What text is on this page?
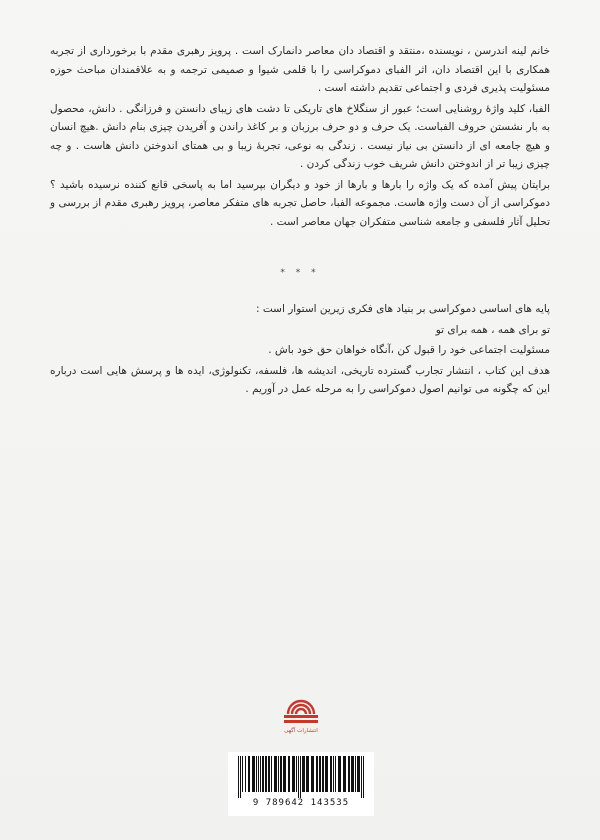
خانم لینه اندرسن ، نویسنده ،منتقد و اقتصاد دان معاصر دانمارک است . پرویز رهبری مقدم با برخورداری از تجربه همکاری با این اقتصاد دان، اثر الفبای دموکراسی را با قلمی شیوا و صمیمی ترجمه و به علاقمندان مباحث حوزه مسئولیت پذیری فردی و اجتماعی تقدیم داشته است .

الفبا، کلید واژهٔ روشنایی است؛ عبور از سنگلاخ های تاریکی تا دشت های زیبای دانستن و فرزانگی . دانش، محصول به بار نشستن حروف الفباست. یک حرف و دو حرف برزبان و بر کاغذ راندن و آفریدن چیزی بنام دانش .هیچ انسان و هیچ جامعه ای از دانستن بی نیاز نیست . زندگی به نوعی، تجربهٔ زیبا و بی همتای اندوختن دانش هاست . و چه چیزی زیبا تر از اندوختن دانش شریف خوب زندگی کردن .

برایتان پیش آمده که یک واژه را بارها و بارها از خود و دیگران بپرسید اما به پاسخی قانع کننده نرسیده باشید ؟ دموکراسی از آن دست واژه هاست. مجموعه الفبا، حاصل تجربه های متفکر معاصر، پرویز رهبری مقدم از بررسی و تحلیل آثار فلسفی و جامعه شناسی متفکران جهان معاصر است .

* * *

پایه های اساسی دموکراسی بر بنیاد های فکری زیرین استوار است :

تو برای همه ، همه برای تو

مسئولیت اجتماعی خود را قبول کن ،آنگاه خواهان حق خود باش .

هدف این کتاب ، انتشار تجارب گسترده تاریخی، اندیشه ها، فلسفه، تکنولوژی، ایده ها و پرسش هایی است درباره این که چگونه می توانیم اصول دموکراسی را به مرحله عمل در آوریم .

انتشارات آگهی
9 789642 143535
